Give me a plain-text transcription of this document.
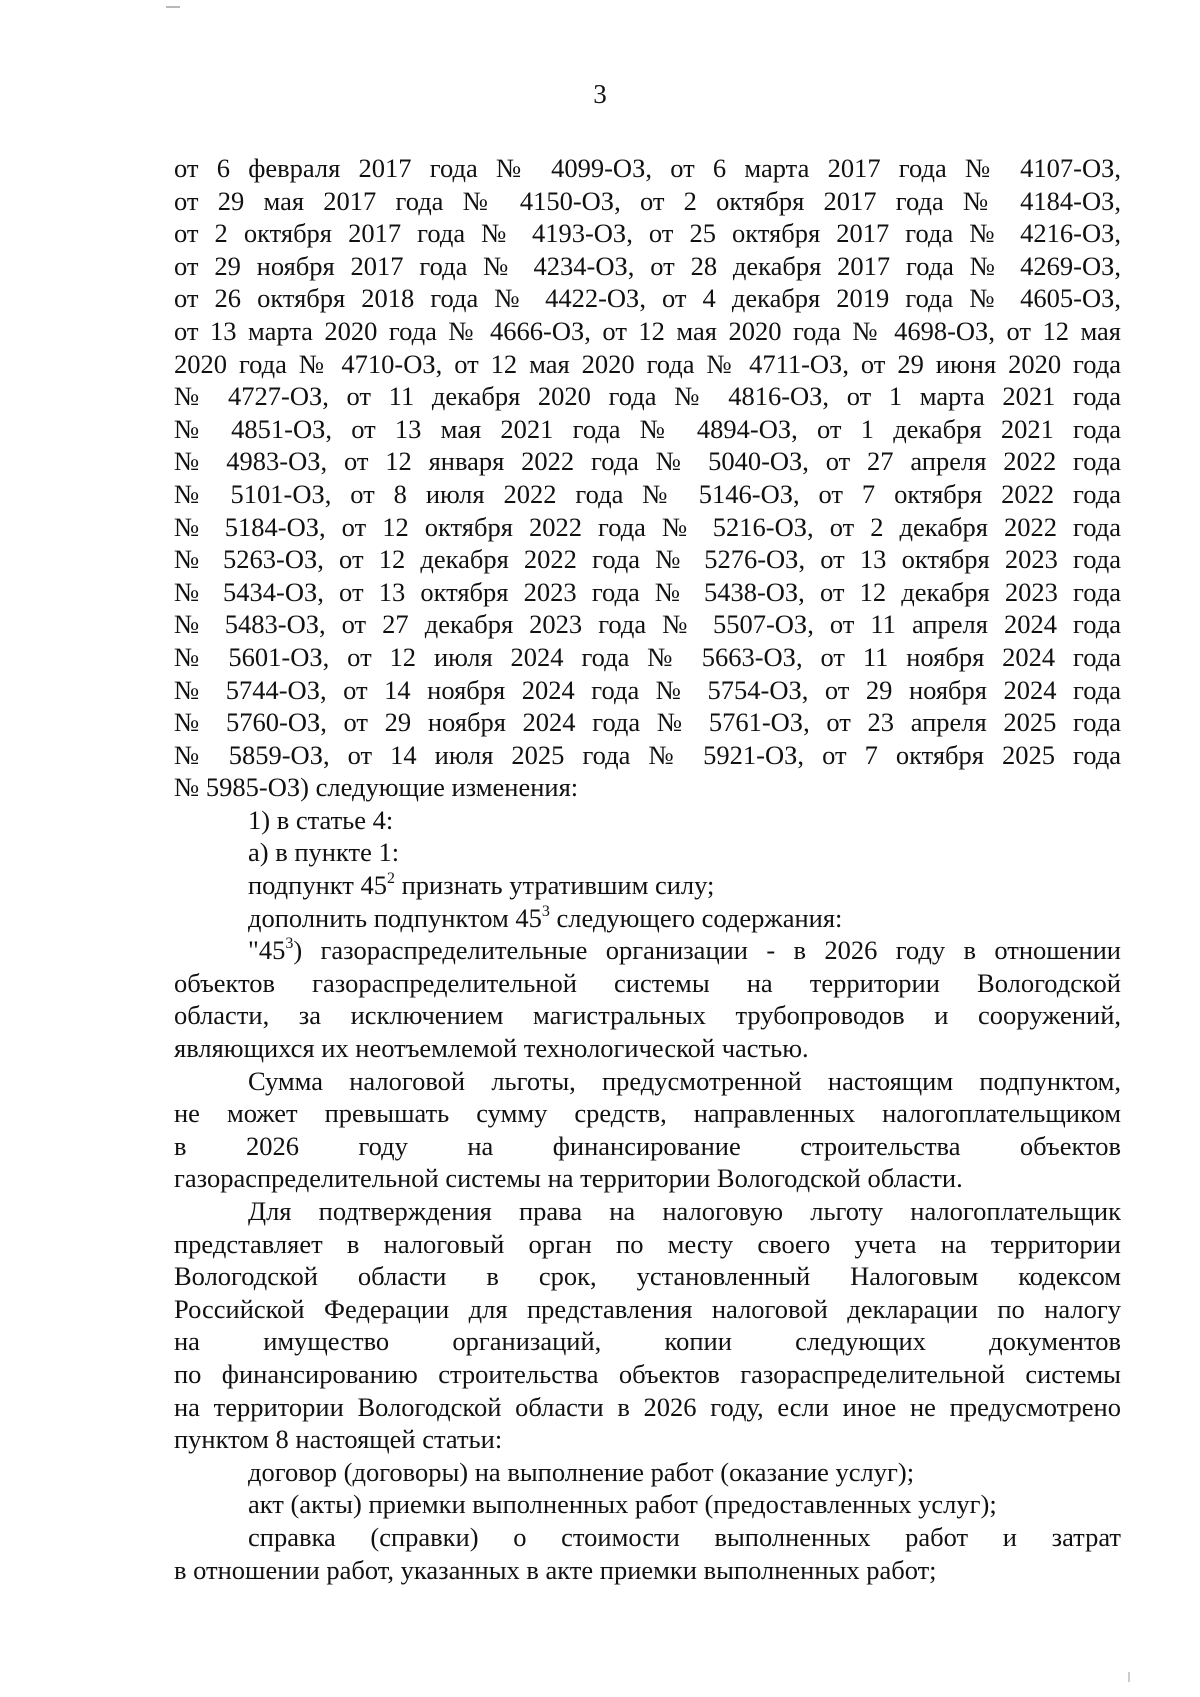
3
от 6 февраля 2017 года № 4099-ОЗ, от 6 марта 2017 года № 4107-ОЗ,
от 29 мая 2017 года № 4150-ОЗ, от 2 октября 2017 года № 4184-ОЗ,
от 2 октября 2017 года № 4193-ОЗ, от 25 октября 2017 года № 4216-ОЗ,
от 29 ноября 2017 года № 4234-ОЗ, от 28 декабря 2017 года № 4269-ОЗ,
от 26 октября 2018 года № 4422-ОЗ, от 4 декабря 2019 года № 4605-ОЗ,
от 13 марта 2020 года № 4666-ОЗ, от 12 мая 2020 года № 4698-ОЗ, от 12 мая
2020 года № 4710-ОЗ, от 12 мая 2020 года № 4711-ОЗ, от 29 июня 2020 года
№ 4727-ОЗ, от 11 декабря 2020 года № 4816-ОЗ, от 1 марта 2021 года
№ 4851-ОЗ, от 13 мая 2021 года № 4894-ОЗ, от 1 декабря 2021 года
№ 4983-ОЗ, от 12 января 2022 года № 5040-ОЗ, от 27 апреля 2022 года
№ 5101-ОЗ, от 8 июля 2022 года № 5146-ОЗ, от 7 октября 2022 года
№ 5184-ОЗ, от 12 октября 2022 года № 5216-ОЗ, от 2 декабря 2022 года
№ 5263-ОЗ, от 12 декабря 2022 года № 5276-ОЗ, от 13 октября 2023 года
№ 5434-ОЗ, от 13 октября 2023 года № 5438-ОЗ, от 12 декабря 2023 года
№ 5483-ОЗ, от 27 декабря 2023 года № 5507-ОЗ, от 11 апреля 2024 года
№ 5601-ОЗ, от 12 июля 2024 года № 5663-ОЗ, от 11 ноября 2024 года
№ 5744-ОЗ, от 14 ноября 2024 года № 5754-ОЗ, от 29 ноября 2024 года
№ 5760-ОЗ, от 29 ноября 2024 года № 5761-ОЗ, от 23 апреля 2025 года
№ 5859-ОЗ, от 14 июля 2025 года № 5921-ОЗ, от 7 октября 2025 года
№ 5985-ОЗ) следующие изменения:
1) в статье 4:
а) в пункте 1:
подпункт $45^2$ признать утратившим силу;
дополнить подпунктом $45^3$ следующего содержания:
"$45^3$) газораспределительные организации - в 2026 году в отношении
объектов газораспределительной системы на территории Вологодской
области, за исключением магистральных трубопроводов и сооружений,
являющихся их неотъемлемой технологической частью.
Сумма налоговой льготы, предусмотренной настоящим подпунктом,
не может превышать сумму средств, направленных налогоплательщиком
в 2026 году на финансирование строительства объектов
газораспределительной системы на территории Вологодской области.
Для подтверждения права на налоговую льготу налогоплательщик
представляет в налоговый орган по месту своего учета на территории
Вологодской области в срок, установленный Налоговым кодексом
Российской Федерации для представления налоговой декларации по налогу
на имущество организаций, копии следующих документов
по финансированию строительства объектов газораспределительной системы
на территории Вологодской области в 2026 году, если иное не предусмотрено
пунктом 8 настоящей статьи:
договор (договоры) на выполнение работ (оказание услуг);
акт (акты) приемки выполненных работ (предоставленных услуг);
справка (справки) о стоимости выполненных работ и затрат
в отношении работ, указанных в акте приемки выполненных работ;
